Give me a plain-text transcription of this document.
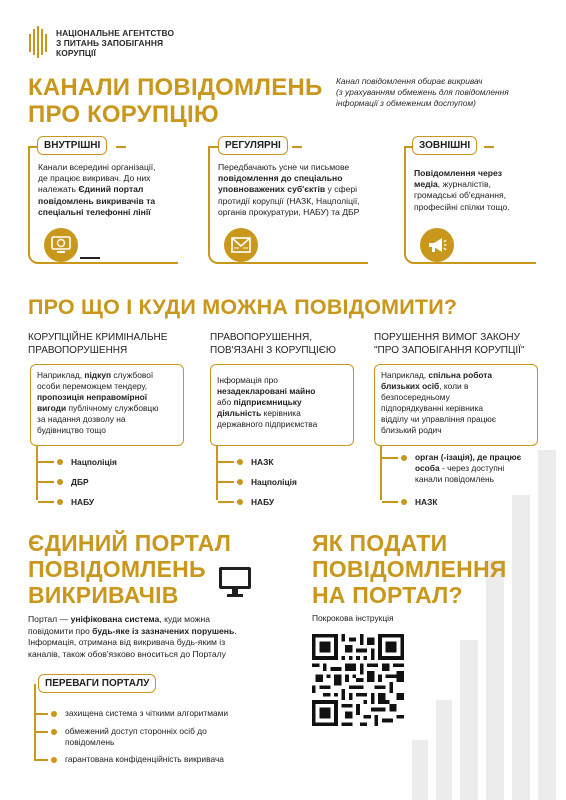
НАЦІОНАЛЬНЕ АГЕНТСТВО
З ПИТАНЬ ЗАПОБІГАННЯ
КОРУПЦІЇ
КАНАЛИ ПОВІДОМЛЕНЬ
ПРО КОРУПЦІЮ
Канал повідомлення обирає викривач
(з урахуванням обмежень для повідомлення
інформації з обмеженим доступом)
ВНУТРІШНІ
Канали всередині організації,
де працює викривач. До них
належать Єдиний портал
повідомлень викривачів та
спеціальні телефонні лінії
РЕГУЛЯРНІ
Передбачають усне чи письмове
повідомлення до спеціально
уповноважених суб'єктів у сфері
протидії корупції (НАЗК, Нацполіції,
органів прокуратури, НАБУ) та ДБР
ЗОВНІШНІ
Повідомлення через
медіа, журналістів,
громадські об'єднання,
професійні спілки тощо.
ПРО ЩО І КУДИ МОЖНА ПОВІДОМИТИ?
КОРУПЦІЙНЕ КРИМІНАЛЬНЕ
ПРАВОПОРУШЕННЯ
Наприклад, підкуп службової
особи переможцем тендеру,
пропозиція неправомірної
вигоди публічному службовцю
за надання дозволу на
будівництво тощо
Нацполіція
ДБР
НАБУ
ПРАВОПОРУШЕННЯ,
ПОВ'ЯЗАНІ З КОРУПЦІЄЮ
Інформація про
незадекларовані майно
або підприємницьку
діяльність керівника
державного підприємства
НАЗК
Нацполіція
НАБУ
ПОРУШЕННЯ ВИМОГ ЗАКОНУ
"ПРО ЗАПОБІГАННЯ КОРУПЦІЇ"
Наприклад, спільна робота
близьких осіб, коли в
безпосередньому
підпорядкуванні керівника
відділу чи управління працює
близький родич
орган (-ізація), де працює
особа - через доступні
канали повідомлень
НАЗК
ЄДИНИЙ ПОРТАЛ
ПОВІДОМЛЕНЬ
ВИКРИВАЧІВ
Портал — уніфікована система, куди можна
повідомити про будь-яке із зазначених порушень.
Інформація, отримана від викривача будь-яким із
каналів, також обов'язково вноситься до Порталу
ПЕРЕВАГИ ПОРТАЛУ
захищена система з чіткими алгоритмами
обмежений доступ сторонніх осіб до
повідомлень
гарантована конфіденційність викривача
ЯК ПОДАТИ
ПОВІДОМЛЕННЯ
НА ПОРТАЛ?
Покрокова інструкція
